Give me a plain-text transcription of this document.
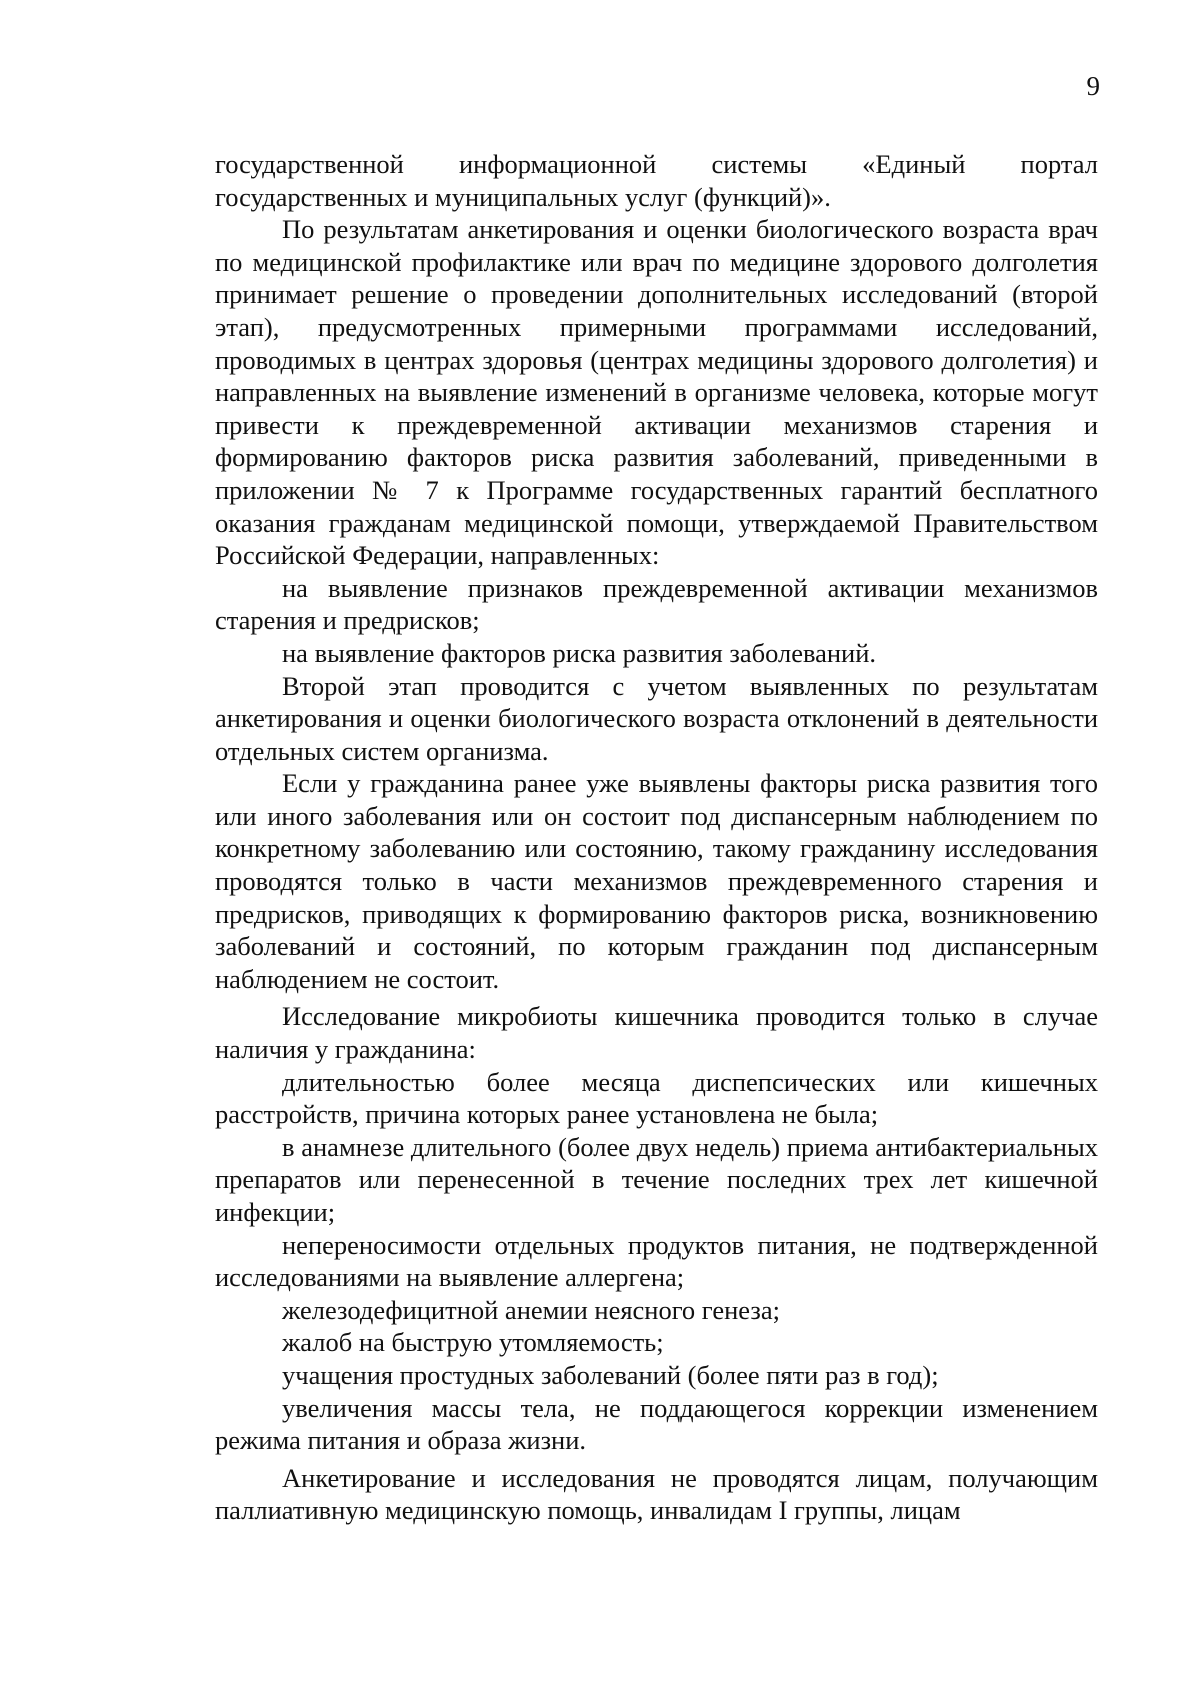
9

государственной информационной системы «Единый портал государственных и муниципальных услуг (функций)».

По результатам анкетирования и оценки биологического возраста врач по медицинской профилактике или врач по медицине здорового долголетия принимает решение о проведении дополнительных исследований (второй этап), предусмотренных примерными программами исследований, проводимых в центрах здоровья (центрах медицины здорового долголетия) и направленных на выявление изменений в организме человека, которые могут привести к преждевременной активации механизмов старения и формированию факторов риска развития заболеваний, приведенными в приложении № 7 к Программе государственных гарантий бесплатного оказания гражданам медицинской помощи, утверждаемой Правительством Российской Федерации, направленных:

на выявление признаков преждевременной активации механизмов старения и предрисков;

на выявление факторов риска развития заболеваний.

Второй этап проводится с учетом выявленных по результатам анкетирования и оценки биологического возраста отклонений в деятельности отдельных систем организма.

Если у гражданина ранее уже выявлены факторы риска развития того или иного заболевания или он состоит под диспансерным наблюдением по конкретному заболеванию или состоянию, такому гражданину исследования проводятся только в части механизмов преждевременного старения и предрисков, приводящих к формированию факторов риска, возникновению заболеваний и состояний, по которым гражданин под диспансерным наблюдением не состоит.

Исследование микробиоты кишечника проводится только в случае наличия у гражданина:

длительностью более месяца диспепсических или кишечных расстройств, причина которых ранее установлена не была;

в анамнезе длительного (более двух недель) приема антибактериальных препаратов или перенесенной в течение последних трех лет кишечной инфекции;

непереносимости отдельных продуктов питания, не подтвержденной исследованиями на выявление аллергена;

железодефицитной анемии неясного генеза;

жалоб на быструю утомляемость;

учащения простудных заболеваний (более пяти раз в год);

увеличения массы тела, не поддающегося коррекции изменением режима питания и образа жизни.

Анкетирование и исследования не проводятся лицам, получающим паллиативную медицинскую помощь, инвалидам I группы, лицам
